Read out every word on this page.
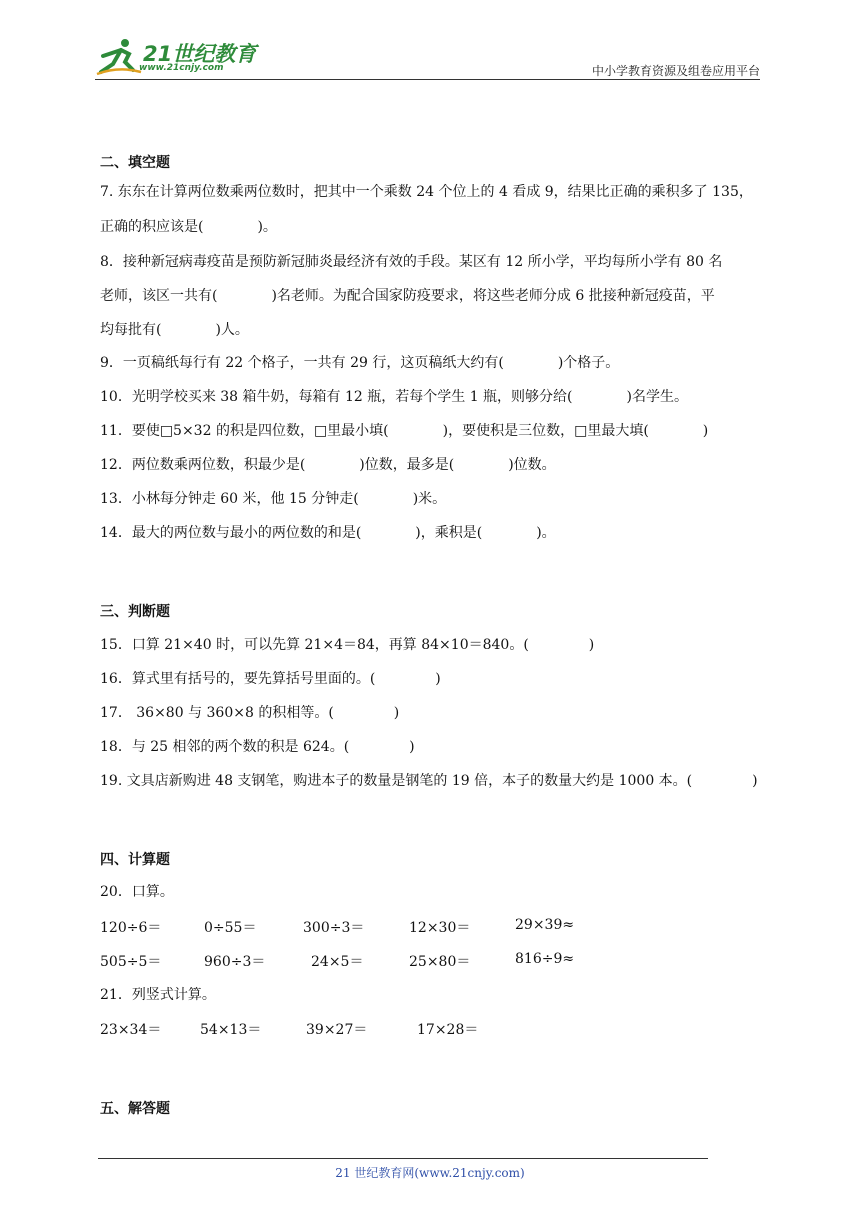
21世纪教育
www.21cnjy.com	中小学教育资源及组卷应用平台
二、填空题
7. 东东在计算两位数乘两位数时，把其中一个乘数 24 个位上的 4 看成 9，结果比正确的乘积多了 135，
正确的积应该是(	)。
8．接种新冠病毒疫苗是预防新冠肺炎最经济有效的手段。某区有 12 所小学，平均每所小学有 80 名
老师，该区一共有(	)名老师。为配合国家防疫要求，将这些老师分成 6 批接种新冠疫苗，平
均每批有(	)人。
9．一页稿纸每行有 22 个格子，一共有 29 行，这页稿纸大约有(	)个格子。
10．光明学校买来 38 箱牛奶，每箱有 12 瓶，若每个学生 1 瓶，则够分给(	)名学生。
11．要使□5×32 的积是四位数，□里最小填(	)，要使积是三位数，□里最大填(	)
12．两位数乘两位数，积最少是(	)位数，最多是(	)位数。
13．小林每分钟走 60 米，他 15 分钟走(	)米。
14．最大的两位数与最小的两位数的和是(	)，乘积是(	)。
三、判断题
15．口算 21×40 时，可以先算 21×4＝84，再算 84×10＝840。(	)
16．算式里有括号的，要先算括号里面的。(	)
17． 36×80 与 360×8 的积相等。(	)
18．与 25 相邻的两个数的积是 624。(	)
19. 文具店新购进 48 支钢笔，购进本子的数量是钢笔的 19 倍，本子的数量大约是 1000 本。(	)
四、计算题
20．口算。
120÷6＝	0÷55＝	300÷3＝	12×30＝	29×39≈
505÷5＝	960÷3＝	24×5＝	25×80＝	816÷9≈
21．列竖式计算。
23×34＝	54×13＝	39×27＝	17×28＝
五、解答题
21 世纪教育网(www.21cnjy.com)
